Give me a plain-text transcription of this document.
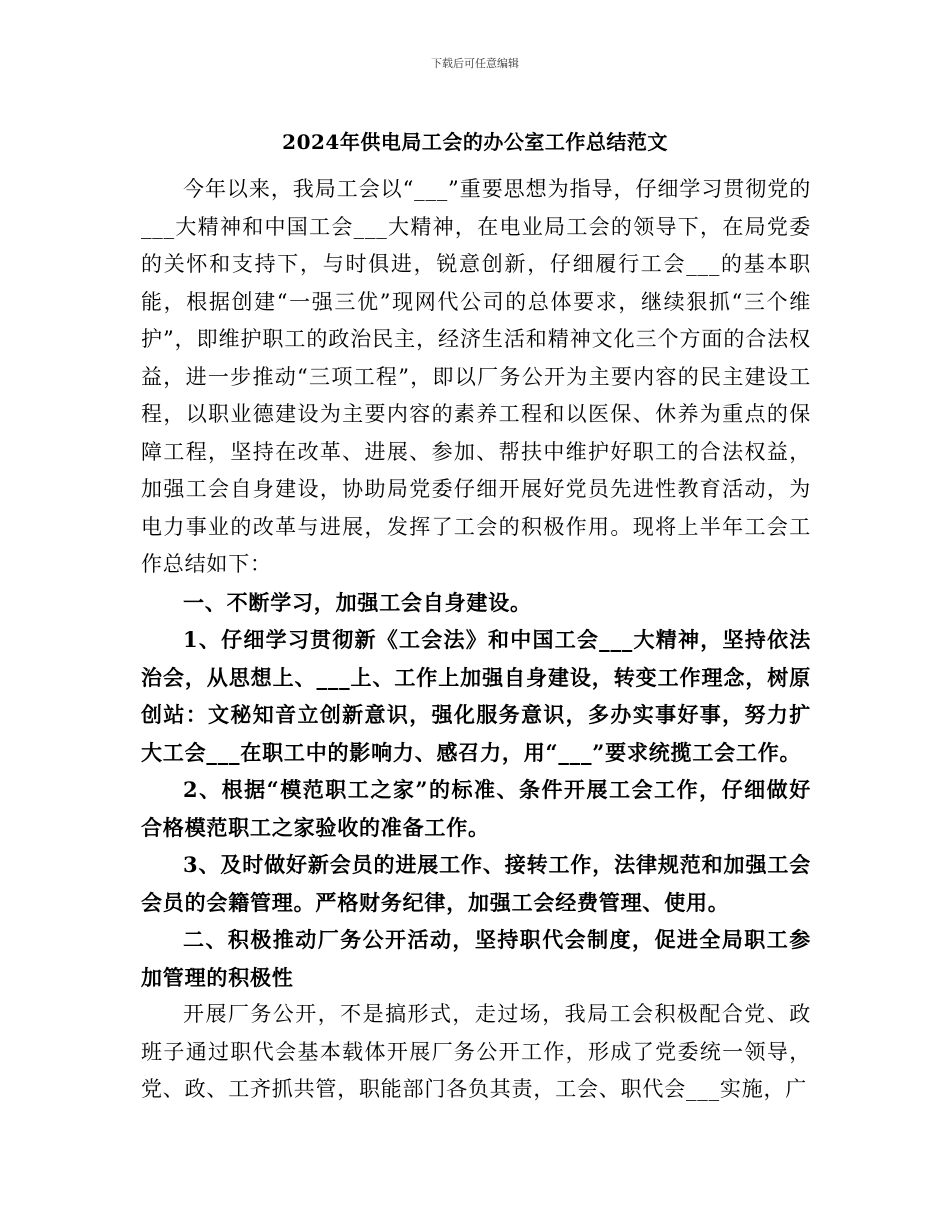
下载后可任意编辑
2024年供电局工会的办公室工作总结范文

今年以来，我局工会以“___”重要思想为指导，仔细学习贯彻党的___大精神和中国工会___大精神，在电业局工会的领导下，在局党委的关怀和支持下，与时俱进，锐意创新，仔细履行工会___的基本职能，根据创建“一强三优”现网代公司的总体要求，继续狠抓“三个维护”，即维护职工的政治民主，经济生活和精神文化三个方面的合法权益，进一步推动“三项工程”，即以厂务公开为主要内容的民主建设工程，以职业德建设为主要内容的素养工程和以医保、休养为重点的保障工程，坚持在改革、进展、参加、帮扶中维护好职工的合法权益，加强工会自身建设，协助局党委仔细开展好党员先进性教育活动，为电力事业的改革与进展，发挥了工会的积极作用。现将上半年工会工作总结如下：

一、不断学习，加强工会自身建设。

1、仔细学习贯彻新《工会法》和中国工会___大精神，坚持依法治会，从思想上、___上、工作上加强自身建设，转变工作理念，树原创站：文秘知音立创新意识，强化服务意识，多办实事好事，努力扩大工会___在职工中的影响力、感召力，用“___”要求统揽工会工作。

2、根据“模范职工之家”的标准、条件开展工会工作，仔细做好合格模范职工之家验收的准备工作。

3、及时做好新会员的进展工作、接转工作，法律规范和加强工会会员的会籍管理。严格财务纪律，加强工会经费管理、使用。

二、积极推动厂务公开活动，坚持职代会制度，促进全局职工参加管理的积极性

开展厂务公开，不是搞形式，走过场，我局工会积极配合党、政班子通过职代会基本载体开展厂务公开工作，形成了党委统一领导，党、政、工齐抓共管，职能部门各负其责，工会、职代会___实施，广
